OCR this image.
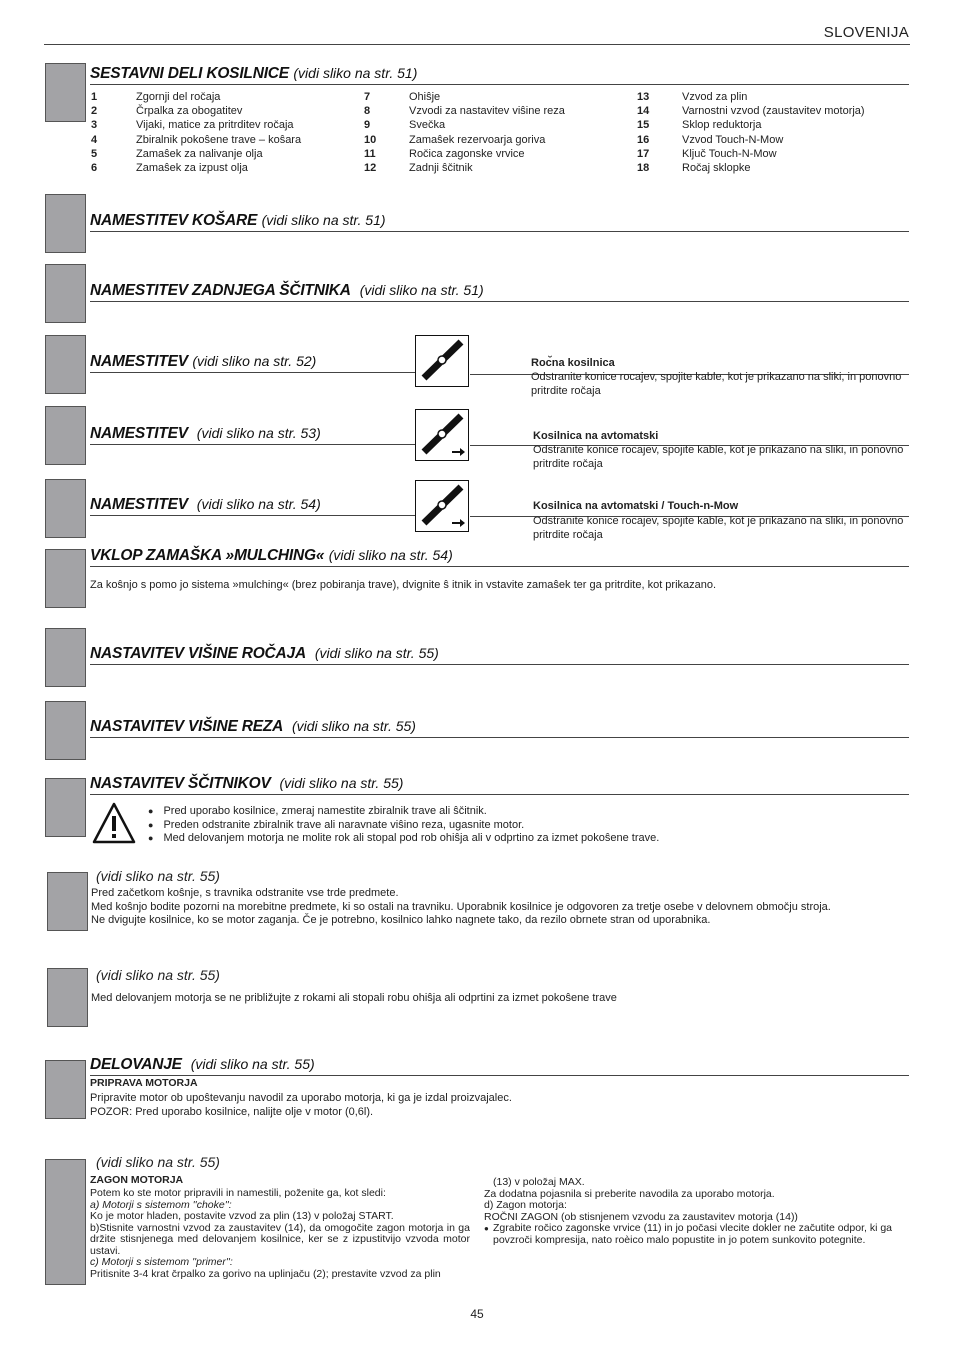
SLOVENIJA
SESTAVNI DELI KOSILNICE (vidi sliko na str. 51)
1	Zgornji del roc̆aja
2	C̆rpalka za obogatitev
3	Vijaki, matice za pritrditev roc̆aja
4	Zbiralnik pokoŝene trave – koŝara
5	Zamaŝek za nalivanje olja
6	Zamaŝek za izpust olja
7	Ohiŝje
8	Vzvodi za nastavitev viŝine reza
9	Svec̆ka
10	Zamaŝek rezervoarja goriva
11	Roc̆ica zagonske vrvice
12	Zadnji ŝc̆itnik
13	Vzvod za plin
14	Varnostni vzvod (zaustavitev motorja)
15	Sklop reduktorja
16	Vzvod Touch-N-Mow
17	Ključ Touch-N-Mow
18	Roc̆aj sklopke
NAMESTITEV KOŠARE (vidi sliko na str. 51)
NAMESTITEV ZADNJEGA ŠČITNIKA (vidi sliko na str. 51)
NAMESTITEV (vidi sliko na str. 52)	Roc̆na kosilnica
Odstranite konice rocajev, spojite kable, kot je prikazano na sliki, in ponovno pritrdite roc̆aja
NAMESTITEV (vidi sliko na str. 53)	Kosilnica na avtomatski
Odstranite konice rocajev, spojite kable, kot je prikazano na sliki, in ponovno pritrdite roc̆aja
NAMESTITEV (vidi sliko na str. 54)	Kosilnica na avtomatski / Touch-n-Mow
Odstranite konice rocajev, spojite kable, kot je prikazano na sliki, in ponovno pritrdite roc̆aja
VKLOP ZAMAŠKA »MULCHING« (vidi sliko na str. 54)
Za koŝnjo s pomo jo sistema »mulching« (brez pobiranja trave), dvignite ŝ itnik in vstavite zamaŝek ter ga pritrdite, kot prikazano.
NASTAVITEV VIŠINE ROČAJA (vidi sliko na str. 55)
NASTAVITEV VIŠINE REZA (vidi sliko na str. 55)
NASTAVITEV ŠČITNIKOV (vidi sliko na str. 55)
● Pred uporabo kosilnice, zmeraj namestite zbiralnik trave ali ŝc̆itnik.
● Preden odstranite zbiralnik trave ali naravnate viŝino reza, ugasnite motor.
● Med delovanjem motorja ne molite rok ali stopal pod rob ohiŝja ali v odprtino za izmet pokoŝene trave.
(vidi sliko na str. 55)
Pred zac̆etkom koŝnje, s travnika odstranite vse trde predmete.
Med koŝnjo bodite pozorni na morebitne predmete, ki so ostali na travniku. Uporabnik kosilnice je odgovoren za tretje osebe v delovnem obmoc̆ju stroja.
Ne dvigujte kosilnice, ko se motor zaganja. Če je potrebno, kosilnico lahko nagnete tako, da rezilo obrnete stran od uporabnika.
(vidi sliko na str. 55)
Med delovanjem motorja se ne pribliz̆ujte z rokami ali stopali robu ohiŝja ali odprtini za izmet pokoŝene trave
DELOVANJE (vidi sliko na str. 55)
PRIPRAVA MOTORJA
Pripravite motor ob upoŝtevanju navodil za uporabo motorja, ki ga je izdal proizvajalec.
POZOR: Pred uporabo kosilnice, nalijte olje v motor (0,6l).
(vidi sliko na str. 55)
ZAGON MOTORJA
Potem ko ste motor pripravili in namestili, poz̆enite ga, kot sledi:
a) Motorji s sistemom ''choke'':
Ko je motor hladen, postavite vzvod za plin (13) v poloz̆aj START.
b)Stisnite varnostni vzvod za zaustavitev (14), da omogoc̆ite zagon motorja in ga drz̆ite stisnjenega med delovanjem kosilnice, ker se z izpustitvijo vzvoda motor ustavi.
c) Motorji s sistemom ''primer'':
Pritisnite 3-4 krat c̆rpalko za gorivo na uplinjac̆u (2); prestavite vzvod za plin
(13) v poloz̆aj MAX.
Za dodatna pojasnila si preberite navodila za uporabo motorja.
d) Zagon motorja:
ROC̆NI ZAGON (ob stisnjenem vzvodu za zaustavitev motorja (14))
● Zgrabite roc̆ico zagonske vrvice (11) in jo poc̆asi vlecite dokler ne zac̆utite odpor, ki ga povzroc̆i kompresija, nato roèico malo popustite in jo potem sunkovito potegnite.
45
